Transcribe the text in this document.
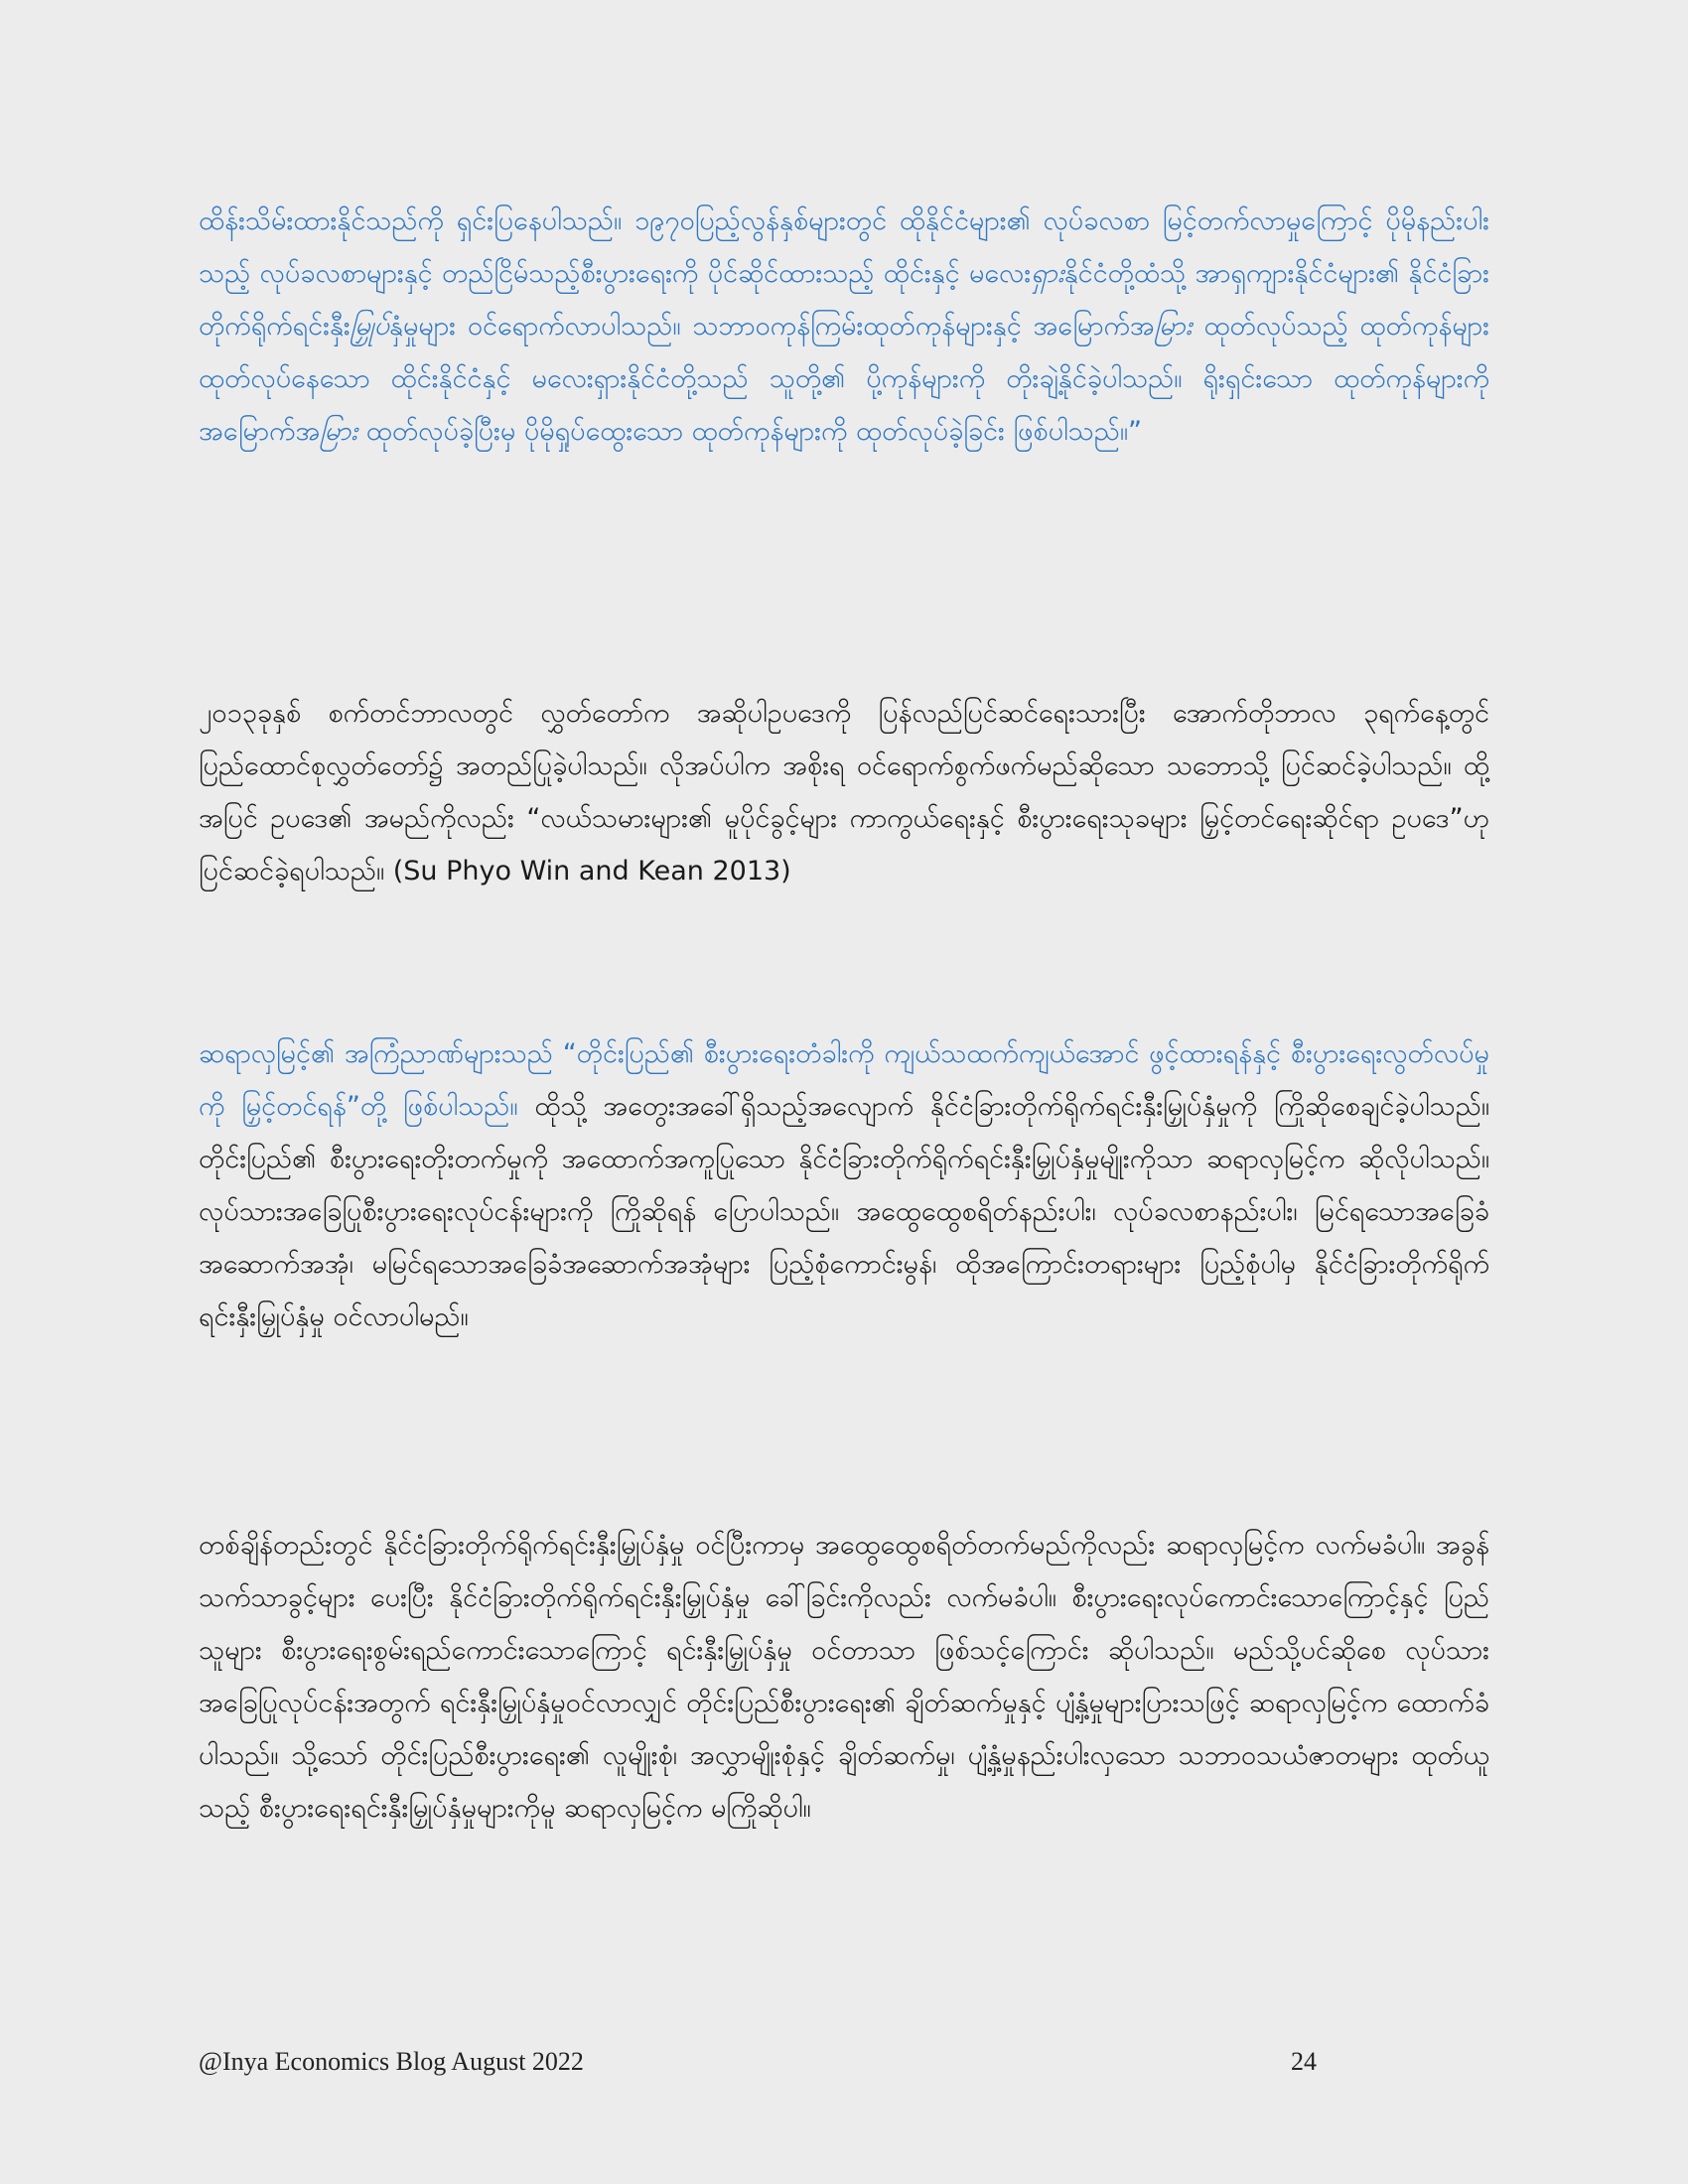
ထိန်းသိမ်းထားနိုင်သည်ကို ရှင်းပြနေပါသည်။ ၁၉၇၀ပြည့်လွန်နှစ်များတွင် ထိုနိုင်ငံများ၏ လုပ်ခလစာ မြင့်တက်လာမှုကြောင့် ပိုမိုနည်းပါးသည့် လုပ်ခလစာများနှင့် တည်ငြိမ်သည့်စီးပွားရေးကို ပိုင်ဆိုင်ထားသည့် ထိုင်းနှင့် မလေးရှားနိုင်ငံတို့ထံသို့ အာရှကျားနိုင်ငံများ၏ နိုင်ငံခြားတိုက်ရိုက်ရင်းနှီးမြှုပ်နှံမှုများ ဝင်ရောက်လာပါသည်။ သဘာဝကုန်ကြမ်းထုတ်ကုန်များနှင့် အမြောက်အမြား ထုတ်လုပ်သည့် ထုတ်ကုန်များ ထုတ်လုပ်နေသော ထိုင်းနိုင်ငံနှင့် မလေးရှားနိုင်ငံတို့သည် သူတို့၏ ပို့ကုန်များကို တိုးချဲ့နိုင်ခဲ့ပါသည်။ ရိုးရှင်းသော ထုတ်ကုန်များကို အမြောက်အမြား ထုတ်လုပ်ခဲ့ပြီးမှ ပိုမိုရှုပ်ထွေးသော ထုတ်ကုန်များကို ထုတ်လုပ်ခဲ့ခြင်း ဖြစ်ပါသည်။”

၂၀၁၃ခုနှစ် စက်တင်ဘာလတွင် လွှတ်တော်က အဆိုပါဥပဒေကို ပြန်လည်ပြင်ဆင်ရေးသားပြီး အောက်တိုဘာလ ၃ရက်နေ့တွင် ပြည်ထောင်စုလွှတ်တော်၌ အတည်ပြုခဲ့ပါသည်။ လိုအပ်ပါက အစိုးရ ဝင်ရောက်စွက်ဖက်မည်ဆိုသော သဘောသို့ ပြင်ဆင်ခဲ့ပါသည်။ ထို့အပြင် ဥပဒေ၏ အမည်ကိုလည်း “လယ်သမားများ၏ မူပိုင်ခွင့်များ ကာကွယ်ရေးနှင့် စီးပွားရေးသုခများ မြှင့်တင်ရေးဆိုင်ရာ ဥပဒေ”ဟု ပြင်ဆင်ခဲ့ရပါသည်။ (Su Phyo Win and Kean 2013)

ဆရာလှမြင့်၏ အကြံညာဏ်များသည် “တိုင်းပြည်၏ စီးပွားရေးတံခါးကို ကျယ်သထက်ကျယ်အောင် ဖွင့်ထားရန်နှင့် စီးပွားရေးလွတ်လပ်မှုကို မြှင့်တင်ရန်”တို့ ဖြစ်ပါသည်။ ထိုသို့ အတွေးအခေါ်ရှိသည့်အလျောက် နိုင်ငံခြားတိုက်ရိုက်ရင်းနှီးမြှုပ်နှံမှုကို ကြိုဆိုစေချင်ခဲ့ပါသည်။ တိုင်းပြည်၏ စီးပွားရေးတိုးတက်မှုကို အထောက်အကူပြုသော နိုင်ငံခြားတိုက်ရိုက်ရင်းနှီးမြှုပ်နှံမှုမျိုးကိုသာ ဆရာလှမြင့်က ဆိုလိုပါသည်။ လုပ်သားအခြေပြုစီးပွားရေးလုပ်ငန်းများကို ကြိုဆိုရန် ပြောပါသည်။ အထွေထွေစရိတ်နည်းပါး၊ လုပ်ခလစာနည်းပါး၊ မြင်ရသောအခြေခံအဆောက်အအုံ၊ မမြင်ရသောအခြေခံအဆောက်အအုံများ ပြည့်စုံကောင်းမွန်၊ ထိုအကြောင်းတရားများ ပြည့်စုံပါမှ နိုင်ငံခြားတိုက်ရိုက်ရင်းနှီးမြှုပ်နှံမှု ဝင်လာပါမည်။

တစ်ချိန်တည်းတွင် နိုင်ငံခြားတိုက်ရိုက်ရင်းနှီးမြှုပ်နှံမှု ဝင်ပြီးကာမှ အထွေထွေစရိတ်တက်မည်ကိုလည်း ဆရာလှမြင့်က လက်မခံပါ။ အခွန်သက်သာခွင့်များ ပေးပြီး နိုင်ငံခြားတိုက်ရိုက်ရင်းနှီးမြှုပ်နှံမှု ခေါ်ခြင်းကိုလည်း လက်မခံပါ။ စီးပွားရေးလုပ်ကောင်းသောကြောင့်နှင့် ပြည်သူများ စီးပွားရေးစွမ်းရည်ကောင်းသောကြောင့် ရင်းနှီးမြှုပ်နှံမှု ဝင်တာသာ ဖြစ်သင့်ကြောင်း ဆိုပါသည်။ မည်သို့ပင်ဆိုစေ လုပ်သားအခြေပြုလုပ်ငန်းအတွက် ရင်းနှီးမြှုပ်နှံမှုဝင်လာလျှင် တိုင်းပြည်စီးပွားရေး၏ ချိတ်ဆက်မှုနှင့် ပျံ့နှံ့မှုများပြားသဖြင့် ဆရာလှမြင့်က ထောက်ခံပါသည်။ သို့သော် တိုင်းပြည်စီးပွားရေး၏ လူမျိုးစုံ၊ အလွှာမျိုးစုံနှင့် ချိတ်ဆက်မှု၊ ပျံ့နှံ့မှုနည်းပါးလှသော သဘာဝသယံဇာတများ ထုတ်ယူသည့် စီးပွားရေးရင်းနှီးမြှုပ်နှံမှုများကိုမူ ဆရာလှမြင့်က မကြိုဆိုပါ။

@Inya Economics Blog August 2022	24
